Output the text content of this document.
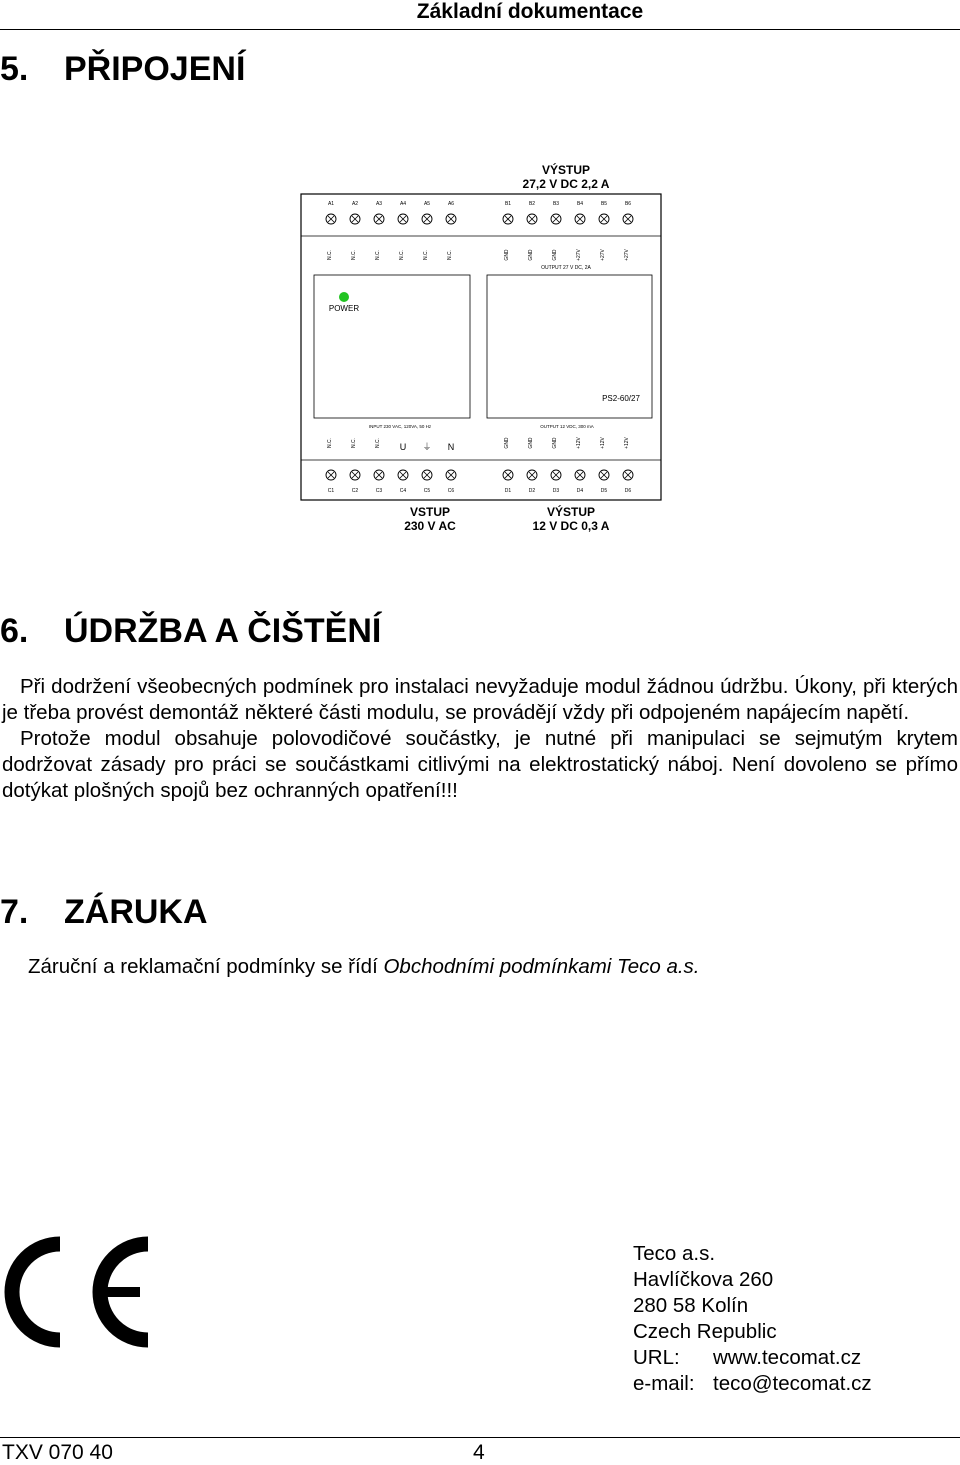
Základní dokumentace
5. PŘIPOJENÍ
VÝSTUP
27,2 V DC 2,2 A
A1
N.C.
A2
N.C.
A3
N.C.
A4
N.C.
A5
N.C.
A6
N.C.
B1
GND
B2
GND
B3
GND
B4
+27V
B5
+27V
B6
+27V
N.C.
C1
N.C.
C2
N.C.
C3
U
C4
⏚
C5
N
C6
GND
D1
GND
D2
GND
D3
+12V
D4
+12V
D5
+12V
D6
OUTPUT 27 V DC, 2A
POWER
PS2-60/27
INPUT 230 VAC, 120VA, 50 Hz	OUTPUT 12 VDC, 300 mA
VSTUP
230 V AC
VÝSTUP
12 V DC 0,3 A
6. ÚDRŽBA A ČIŠTĚNÍ

Při dodržení všeobecných podmínek pro instalaci nevyžaduje modul žádnou údržbu. Úkony, při kterých je třeba provést demontáž některé části modulu, se provádějí vždy při odpojeném napájecím napětí.

Protože modul obsahuje polovodičové součástky, je nutné při manipulaci se sejmutým krytem dodržovat zásady pro práci se součástkami citlivými na elektrostatický náboj. Není dovoleno se přímo dotýkat plošných spojů bez ochranných opatření!!!

7. ZÁRUKA
Záruční a reklamační podmínky se řídí Obchodními podmínkami Teco a.s.
Teco a.s.
Havlíčkova 260
280 58 Kolín
Czech Republic
URL: www.tecomat.cz
e-mail: teco@tecomat.cz
TXV 070 40	4
